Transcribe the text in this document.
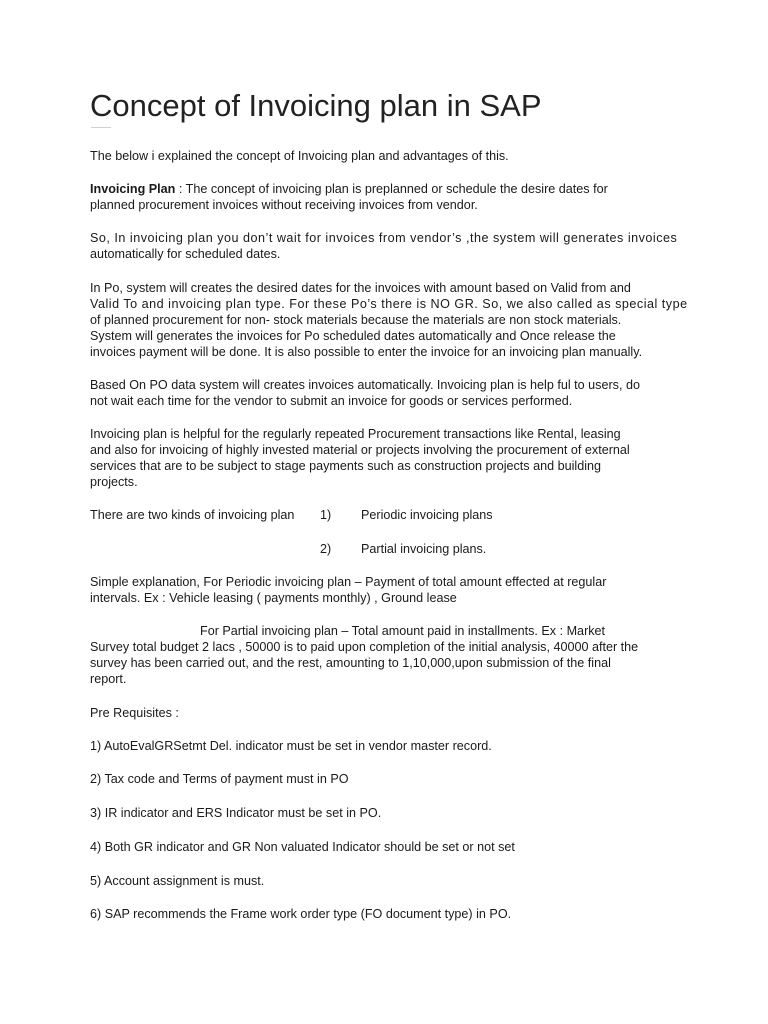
Concept of Invoicing plan in SAP

The below i explained the concept of Invoicing plan and advantages of this.

Invoicing Plan : The concept of invoicing plan is preplanned or schedule the desire dates for
planned procurement invoices without receiving invoices from vendor.

So, In invoicing plan you don’t wait for invoices from vendor’s ,the system will generates invoices
automatically for scheduled dates.

In Po, system will creates the desired dates for the invoices with amount based on Valid from and
Valid To and invoicing plan type. For these Po’s there is NO GR. So, we also called as special type
of planned procurement for non- stock materials because the materials are non stock materials.
System will generates the invoices for Po scheduled dates automatically and Once release the
invoices payment will be done. It is also possible to enter the invoice for an invoicing plan manually.

Based On PO data system will creates invoices automatically. Invoicing plan is help ful to users, do
not wait each time for the vendor to submit an invoice for goods or services performed.

Invoicing plan is helpful for the regularly repeated Procurement transactions like Rental, leasing
and also for invoicing of highly invested material or projects involving the procurement of external
services that are to be subject to stage payments such as construction projects and building
projects.

There are two kinds of invoicing plan	1) Periodic invoicing plans
2) Partial invoicing plans.

Simple explanation, For Periodic invoicing plan – Payment of total amount effected at regular
intervals. Ex : Vehicle leasing ( payments monthly) , Ground lease

For Partial invoicing plan – Total amount paid in installments. Ex : Market
Survey total budget 2 lacs , 50000 is to paid upon completion of the initial analysis, 40000 after the
survey has been carried out, and the rest, amounting to 1,10,000,upon submission of the final
report.

Pre Requisites :

1) AutoEvalGRSetmt Del. indicator must be set in vendor master record.

2) Tax code and Terms of payment must in PO

3) IR indicator and ERS Indicator must be set in PO.

4) Both GR indicator and GR Non valuated Indicator should be set or not set

5) Account assignment is must.

6) SAP recommends the Frame work order type (FO document type) in PO.
